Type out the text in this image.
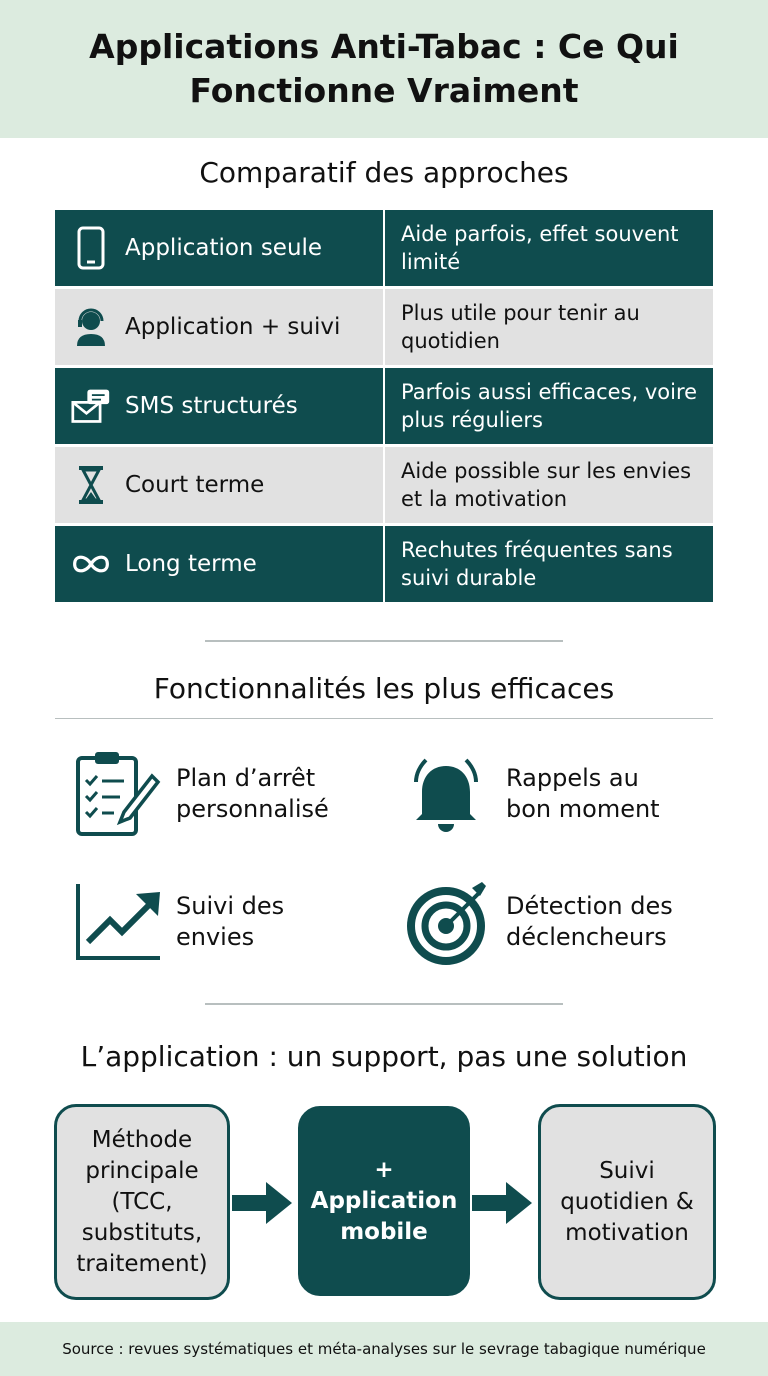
Applications Anti-Tabac : Ce Qui Fonctionne Vraiment
Comparatif des approches
Application seule
Aide parfois, effet souvent limité
Application + suivi
Plus utile pour tenir au quotidien
SMS structurés
Parfois aussi efficaces, voire plus réguliers
Court terme
Aide possible sur les envies et la motivation
Long terme
Rechutes fréquentes sans suivi durable
Fonctionnalités les plus efficaces
Plan d’arrêt
personnalisé
Rappels au
bon moment
Suivi des
envies
Détection des
déclencheurs
L’application : un support, pas une solution
Méthode
principale
(TCC,
substituts,
traitement)
+
Application
mobile
Suivi
quotidien &
motivation
Source : revues systématiques et méta-analyses sur le sevrage tabagique numérique
